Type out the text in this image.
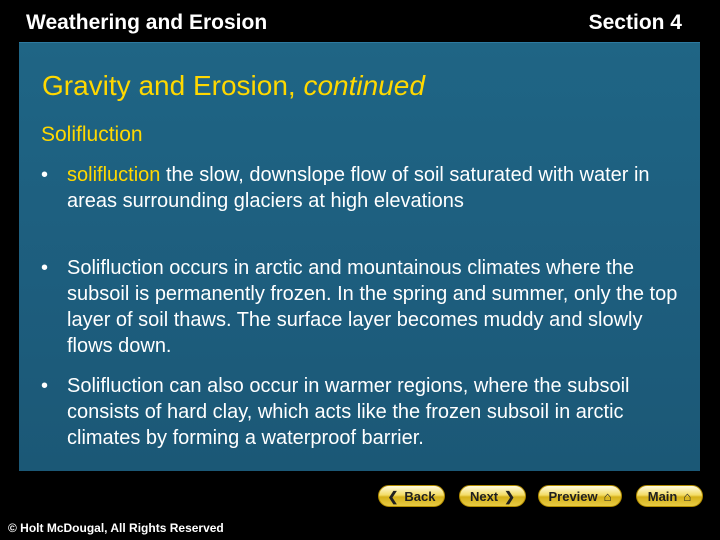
Weathering and Erosion	Section 4
Gravity and Erosion, continued
Solifluction
• solifluction the slow, downslope flow of soil saturated with water in areas surrounding glaciers at high elevations
• Solifluction occurs in arctic and mountainous climates where the subsoil is permanently frozen. In the spring and summer, only the top layer of soil thaws. The surface layer becomes muddy and slowly flows down.
• Solifluction can also occur in warmer regions, where the subsoil consists of hard clay, which acts like the frozen subsoil in arctic climates by forming a waterproof barrier.
❮ Back	Next ❯	Preview ⌂	Main ⌂
© Holt McDougal, All Rights Reserved
